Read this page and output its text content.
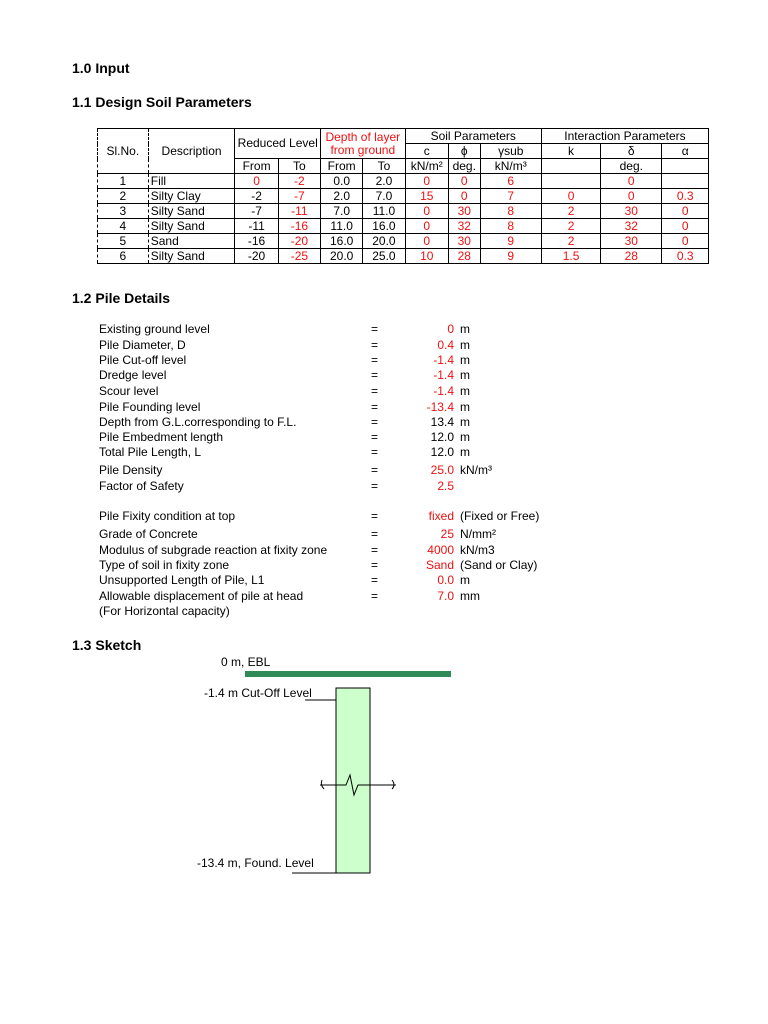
1.0 Input
1.1 Design Soil Parameters
Sl.No.	Description	Reduced Level		Depth of layer from ground		Soil Parameters			Interaction Parameters		
						c	ϕ	γsub	k	δ	α
		From	To	From	To	kN/m²	deg.	kN/m³		deg.	
1	Fill	0	-2	0.0	2.0	0	0	6		0	
2	Silty Clay	-2	-7	2.0	7.0	15	0	7	0	0	0.3
3	Silty Sand	-7	-11	7.0	11.0	0	30	8	2	30	0
4	Silty Sand	-11	-16	11.0	16.0	0	32	8	2	32	0
5	Sand	-16	-20	16.0	20.0	0	30	9	2	30	0
6	Silty Sand	-20	-25	20.0	25.0	10	28	9	1.5	28	0.3
1.2 Pile Details
Existing ground level	=	0 m
Pile Diameter, D	=	0.4 m
Pile Cut-off level	=	-1.4 m
Dredge level	=	-1.4 m
Scour level	=	-1.4 m
Pile Founding level	=	-13.4 m
Depth from G.L.corresponding to F.L.	=	13.4 m
Pile Embedment length	=	12.0 m
Total Pile Length, L	=	12.0 m
Pile Density	=	25.0 kN/m³
Factor of Safety	=	2.5
Pile Fixity condition at top	=	fixed (Fixed or Free)
Grade of Concrete	=	25 N/mm²
Modulus of subgrade reaction at fixity zone	=	4000 kN/m3
Type of soil in fixity zone	=	Sand (Sand or Clay)
Unsupported Length of Pile, L1	=	0.0 m
Allowable displacement of pile at head	=	7.0 mm
(For Horizontal capacity)
1.3 Sketch
0 m, EBL
-1.4 m Cut-Off Level
-13.4 m, Found. Level
